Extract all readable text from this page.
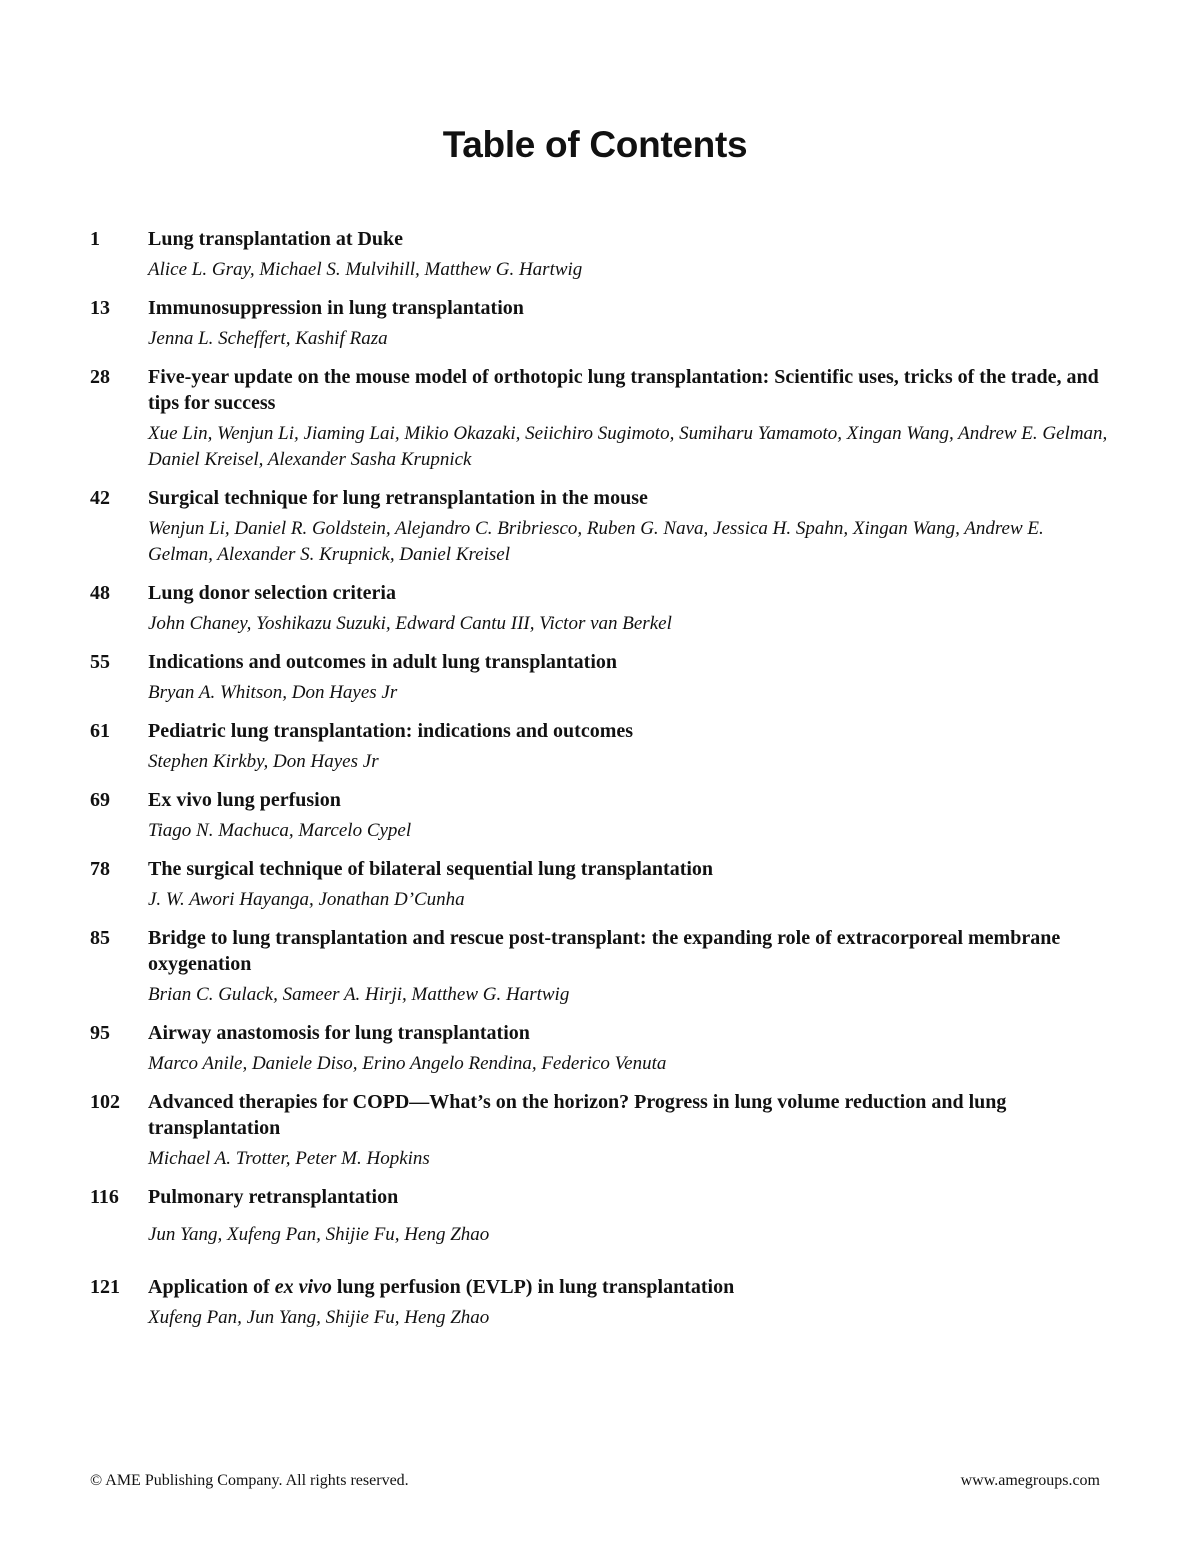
Table of Contents
1 Lung transplantation at Duke
Alice L. Gray, Michael S. Mulvihill, Matthew G. Hartwig
13 Immunosuppression in lung transplantation
Jenna L. Scheffert, Kashif Raza
28 Five-year update on the mouse model of orthotopic lung transplantation: Scientific uses, tricks of the trade, and tips for success
Xue Lin, Wenjun Li, Jiaming Lai, Mikio Okazaki, Seiichiro Sugimoto, Sumiharu Yamamoto, Xingan Wang, Andrew E. Gelman, Daniel Kreisel, Alexander Sasha Krupnick
42 Surgical technique for lung retransplantation in the mouse
Wenjun Li, Daniel R. Goldstein, Alejandro C. Bribriesco, Ruben G. Nava, Jessica H. Spahn, Xingan Wang, Andrew E. Gelman, Alexander S. Krupnick, Daniel Kreisel
48 Lung donor selection criteria
John Chaney, Yoshikazu Suzuki, Edward Cantu III, Victor van Berkel
55 Indications and outcomes in adult lung transplantation
Bryan A. Whitson, Don Hayes Jr
61 Pediatric lung transplantation: indications and outcomes
Stephen Kirkby, Don Hayes Jr
69 Ex vivo lung perfusion
Tiago N. Machuca, Marcelo Cypel
78 The surgical technique of bilateral sequential lung transplantation
J. W. Awori Hayanga, Jonathan D’Cunha
85 Bridge to lung transplantation and rescue post-transplant: the expanding role of extracorporeal membrane oxygenation
Brian C. Gulack, Sameer A. Hirji, Matthew G. Hartwig
95 Airway anastomosis for lung transplantation
Marco Anile, Daniele Diso, Erino Angelo Rendina, Federico Venuta
102 Advanced therapies for COPD—What’s on the horizon? Progress in lung volume reduction and lung transplantation
Michael A. Trotter, Peter M. Hopkins
116 Pulmonary retransplantation
Jun Yang, Xufeng Pan, Shijie Fu, Heng Zhao
121 Application of ex vivo lung perfusion (EVLP) in lung transplantation
Xufeng Pan, Jun Yang, Shijie Fu, Heng Zhao
© AME Publishing Company. All rights reserved.	www.amegroups.com
